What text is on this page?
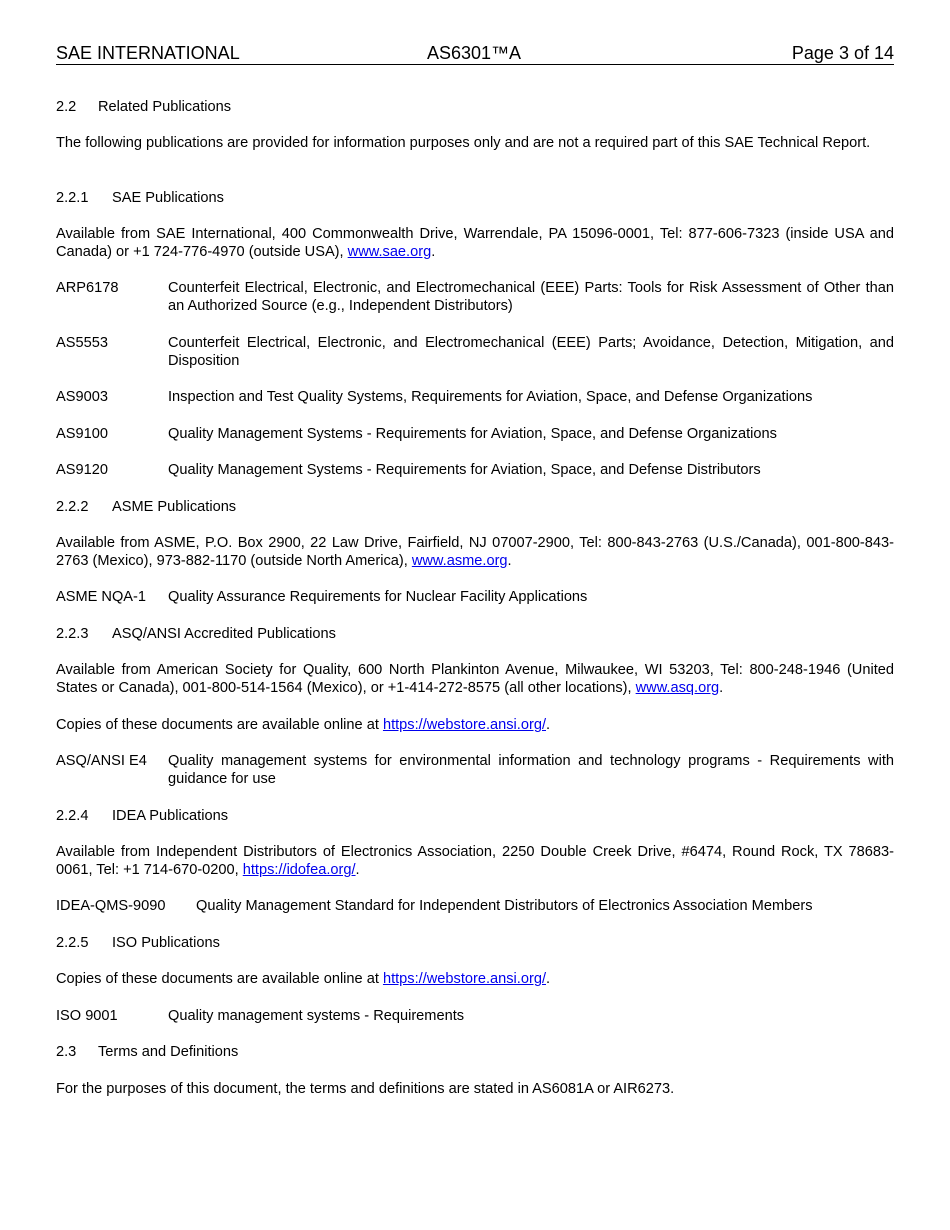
SAE INTERNATIONAL	AS6301™A	Page 3 of 14
2.2 Related Publications
The following publications are provided for information purposes only and are not a required part of this SAE Technical Report.
2.2.1 SAE Publications
Available from SAE International, 400 Commonwealth Drive, Warrendale, PA 15096-0001, Tel: 877-606-7323 (inside USA and Canada) or +1 724-776-4970 (outside USA), www.sae.org.
ARP6178	Counterfeit Electrical, Electronic, and Electromechanical (EEE) Parts: Tools for Risk Assessment of Other than an Authorized Source (e.g., Independent Distributors)
AS5553	Counterfeit Electrical, Electronic, and Electromechanical (EEE) Parts; Avoidance, Detection, Mitigation, and Disposition
AS9003	Inspection and Test Quality Systems, Requirements for Aviation, Space, and Defense Organizations
AS9100	Quality Management Systems - Requirements for Aviation, Space, and Defense Organizations
AS9120	Quality Management Systems - Requirements for Aviation, Space, and Defense Distributors
2.2.2 ASME Publications
Available from ASME, P.O. Box 2900, 22 Law Drive, Fairfield, NJ 07007-2900, Tel: 800-843-2763 (U.S./Canada), 001-800-843-2763 (Mexico), 973-882-1170 (outside North America), www.asme.org.
ASME NQA-1	Quality Assurance Requirements for Nuclear Facility Applications
2.2.3 ASQ/ANSI Accredited Publications
Available from American Society for Quality, 600 North Plankinton Avenue, Milwaukee, WI 53203, Tel: 800-248-1946 (United States or Canada), 001-800-514-1564 (Mexico), or +1-414-272-8575 (all other locations), www.asq.org.
Copies of these documents are available online at https://webstore.ansi.org/.
ASQ/ANSI E4	Quality management systems for environmental information and technology programs - Requirements with guidance for use
2.2.4 IDEA Publications
Available from Independent Distributors of Electronics Association, 2250 Double Creek Drive, #6474, Round Rock, TX 78683-0061, Tel: +1 714-670-0200, https://idofea.org/.
IDEA-QMS-9090	Quality Management Standard for Independent Distributors of Electronics Association Members
2.2.5 ISO Publications
Copies of these documents are available online at https://webstore.ansi.org/.
ISO 9001	Quality management systems - Requirements
2.3 Terms and Definitions
For the purposes of this document, the terms and definitions are stated in AS6081A or AIR6273.
